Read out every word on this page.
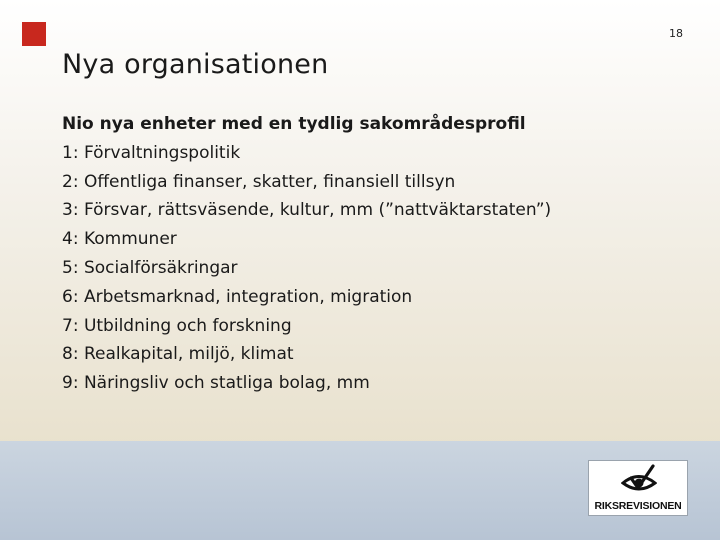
18
Nya organisationen
Nio nya enheter med en tydlig sakområdesprofil
1: Förvaltningspolitik
2: Offentliga finanser, skatter, finansiell tillsyn
3: Försvar, rättsväsende, kultur, mm (”nattväktarstaten”)
4: Kommuner
5: Socialförsäkringar
6: Arbetsmarknad, integration, migration
7: Utbildning och forskning
8: Realkapital, miljö, klimat
9: Näringsliv och statliga bolag, mm
RIKSREVISIONEN
